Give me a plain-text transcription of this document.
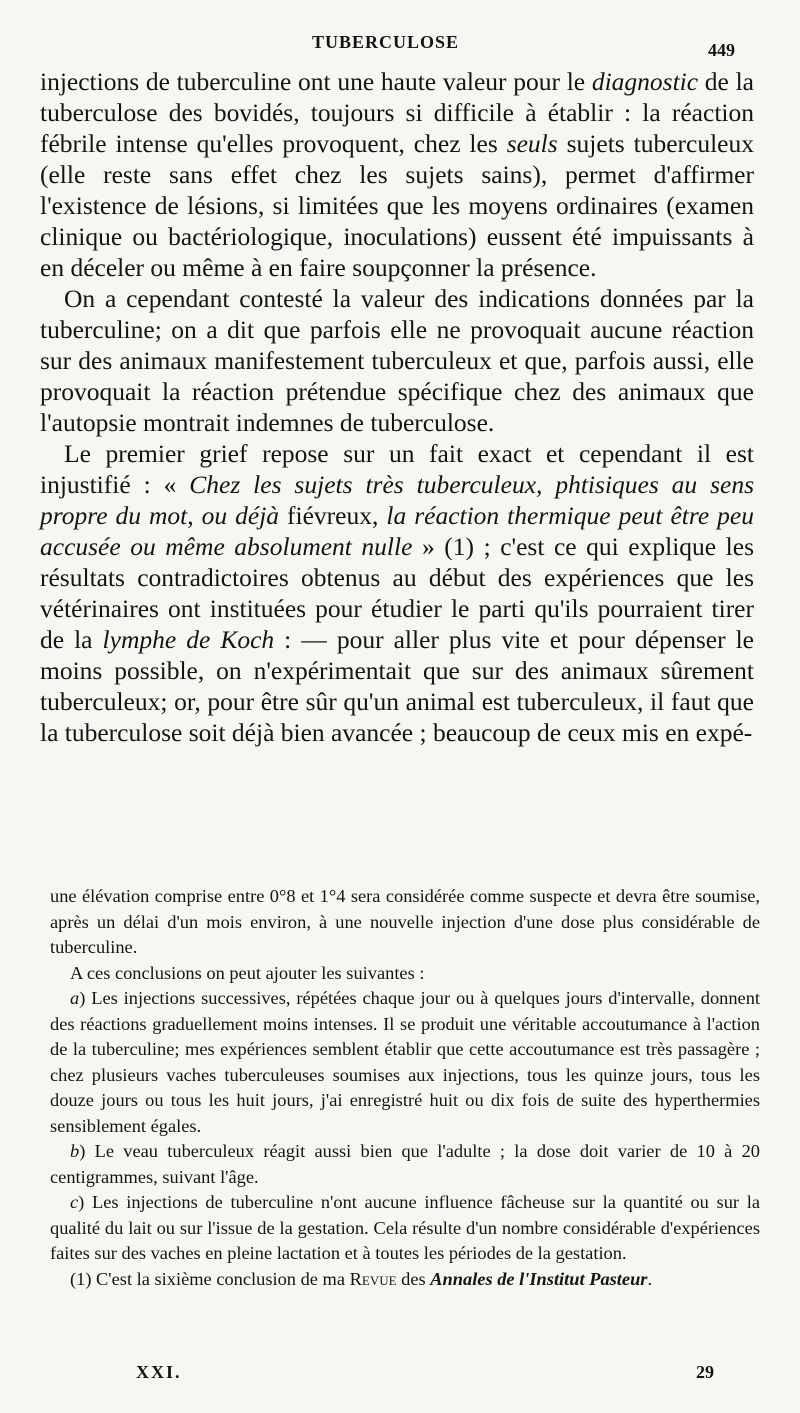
TUBERCULOSE	449

injections de tuberculine ont une haute valeur pour le diagnostic de la tuberculose des bovidés, toujours si difficile à établir : la réaction fébrile intense qu'elles provoquent, chez les seuls sujets tuberculeux (elle reste sans effet chez les sujets sains), permet d'affirmer l'existence de lésions, si limitées que les moyens ordinaires (examen clinique ou bactériologique, inoculations) eussent été impuissants à en déceler ou même à en faire soupçonner la présence.

On a cependant contesté la valeur des indications données par la tuberculine; on a dit que parfois elle ne provoquait aucune réaction sur des animaux manifestement tuberculeux et que, parfois aussi, elle provoquait la réaction prétendue spécifique chez des animaux que l'autopsie montrait indemnes de tuberculose.

Le premier grief repose sur un fait exact et cependant il est injustifié : « Chez les sujets très tuberculeux, phtisiques au sens propre du mot, ou déjà fiévreux, la réaction thermique peut être peu accusée ou même absolument nulle » (1) ; c'est ce qui explique les résultats contradictoires obtenus au début des expériences que les vétérinaires ont instituées pour étudier le parti qu'ils pourraient tirer de la lymphe de Koch : — pour aller plus vite et pour dépenser le moins possible, on n'expérimentait que sur des animaux sûrement tuberculeux; or, pour être sûr qu'un animal est tuberculeux, il faut que la tuberculose soit déjà bien avancée ; beaucoup de ceux mis en expé-

une élévation comprise entre 0°8 et 1°4 sera considérée comme suspecte et devra être soumise, après un délai d'un mois environ, à une nouvelle injection d'une dose plus considérable de tuberculine.

A ces conclusions on peut ajouter les suivantes :

a) Les injections successives, répétées chaque jour ou à quelques jours d'intervalle, donnent des réactions graduellement moins intenses. Il se produit une véritable accoutumance à l'action de la tuberculine; mes expériences semblent établir que cette accoutumance est très passagère ; chez plusieurs vaches tuberculeuses soumises aux injections, tous les quinze jours, tous les douze jours ou tous les huit jours, j'ai enregistré huit ou dix fois de suite des hyperthermies sensiblement égales.

b) Le veau tuberculeux réagit aussi bien que l'adulte ; la dose doit varier de 10 à 20 centigrammes, suivant l'âge.

c) Les injections de tuberculine n'ont aucune influence fâcheuse sur la quantité ou sur la qualité du lait ou sur l'issue de la gestation. Cela résulte d'un nombre considérable d'expériences faites sur des vaches en pleine lactation et à toutes les périodes de la gestation.

(1) C'est la sixième conclusion de ma Revue des Annales de l'Institut Pasteur.

XXI.	29
